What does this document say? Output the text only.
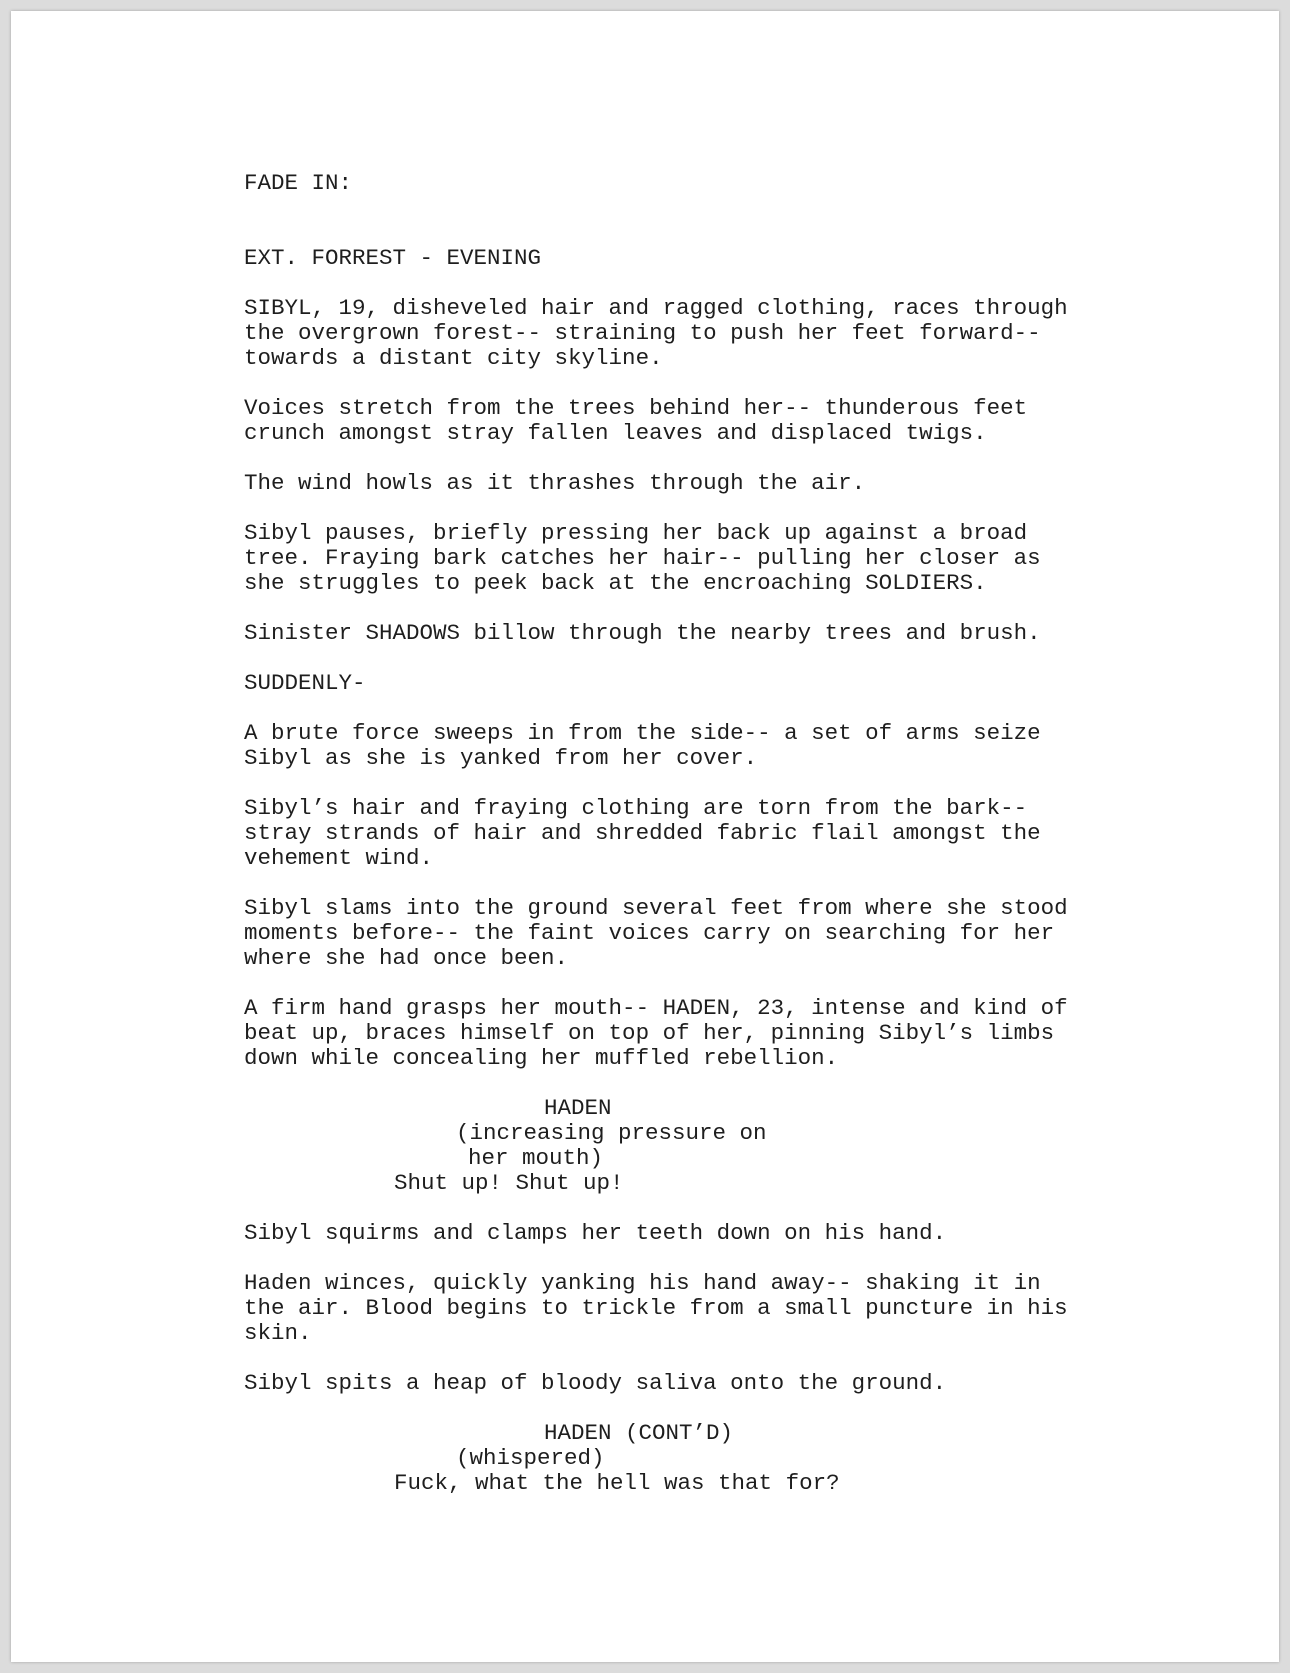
FADE IN:

EXT. FORREST - EVENING

SIBYL, 19, disheveled hair and ragged clothing, races through

the overgrown forest-- straining to push her feet forward--

towards a distant city skyline.

Voices stretch from the trees behind her-- thunderous feet

crunch amongst stray fallen leaves and displaced twigs.

The wind howls as it thrashes through the air.

Sibyl pauses, briefly pressing her back up against a broad

tree. Fraying bark catches her hair-- pulling her closer as

she struggles to peek back at the encroaching SOLDIERS.

Sinister SHADOWS billow through the nearby trees and brush.

SUDDENLY-

A brute force sweeps in from the side-- a set of arms seize

Sibyl as she is yanked from her cover.

Sibyl’s hair and fraying clothing are torn from the bark--

stray strands of hair and shredded fabric flail amongst the

vehement wind.

Sibyl slams into the ground several feet from where she stood

moments before-- the faint voices carry on searching for her

where she had once been.

A firm hand grasps her mouth-- HADEN, 23, intense and kind of

beat up, braces himself on top of her, pinning Sibyl’s limbs

down while concealing her muffled rebellion.

HADEN

(increasing pressure on

her mouth)

Shut up! Shut up!

Sibyl squirms and clamps her teeth down on his hand.

Haden winces, quickly yanking his hand away-- shaking it in

the air. Blood begins to trickle from a small puncture in his

skin.

Sibyl spits a heap of bloody saliva onto the ground.

HADEN (CONT’D)

(whispered)

Fuck, what the hell was that for?
